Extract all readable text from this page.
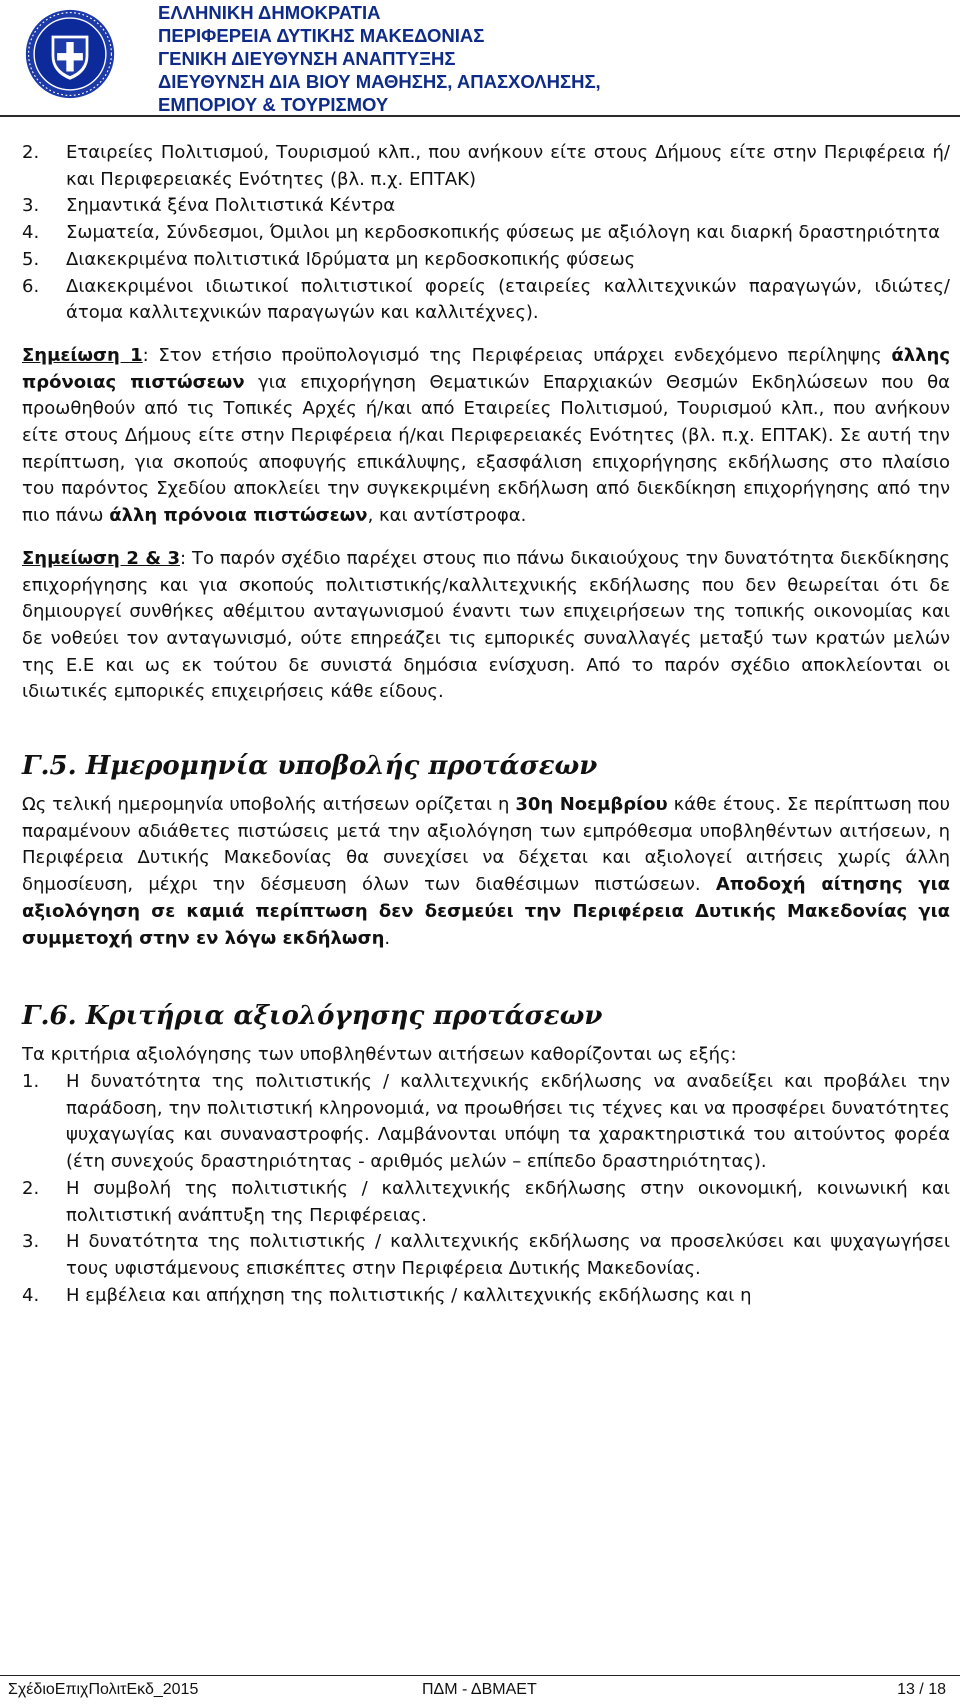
ΕΛΛΗΝΙΚΗ ΔΗΜΟΚΡΑΤΙΑ
ΠΕΡΙΦΕΡΕΙΑ ΔΥΤΙΚΗΣ ΜΑΚΕΔΟΝΙΑΣ
ΓΕΝΙΚΗ ΔΙΕΥΘΥΝΣΗ ΑΝΑΠΤΥΞΗΣ
ΔΙΕΥΘΥΝΣΗ ΔΙΑ ΒΙΟΥ ΜΑΘΗΣΗΣ, ΑΠΑΣΧΟΛΗΣΗΣ,
ΕΜΠΟΡΙΟΥ & ΤΟΥΡΙΣΜΟΥ
2. Εταιρείες Πολιτισμού, Τουρισμού κλπ., που ανήκουν είτε στους Δήμους είτε στην Περιφέρεια ή/και Περιφερειακές Ενότητες (βλ. π.χ. ΕΠΤΑΚ)
3. Σημαντικά ξένα Πολιτιστικά Κέντρα
4. Σωματεία, Σύνδεσμοι, Όμιλοι μη κερδοσκοπικής φύσεως με αξιόλογη και διαρκή δραστηριότητα
5. Διακεκριμένα πολιτιστικά Ιδρύματα μη κερδοσκοπικής φύσεως
6. Διακεκριμένοι ιδιωτικοί πολιτιστικοί φορείς (εταιρείες καλλιτεχνικών παραγωγών, ιδιώτες/άτομα καλλιτεχνικών παραγωγών και καλλιτέχνες).

Σημείωση 1: Στον ετήσιο προϋπολογισμό της Περιφέρειας υπάρχει ενδεχόμενο περίληψης άλλης πρόνοιας πιστώσεων για επιχορήγηση Θεματικών Επαρχιακών Θεσμών Εκδηλώσεων που θα προωθηθούν από τις Τοπικές Αρχές ή/και από Εταιρείες Πολιτισμού, Τουρισμού κλπ., που ανήκουν είτε στους Δήμους είτε στην Περιφέρεια ή/και Περιφερειακές Ενότητες (βλ. π.χ. ΕΠΤΑΚ). Σε αυτή την περίπτωση, για σκοπούς αποφυγής επικάλυψης, εξασφάλιση επιχορήγησης εκδήλωσης στο πλαίσιο του παρόντος Σχεδίου αποκλείει την συγκεκριμένη εκδήλωση από διεκδίκηση επιχορήγησης από την πιο πάνω άλλη πρόνοια πιστώσεων, και αντίστροφα.

Σημείωση 2 & 3: Το παρόν σχέδιο παρέχει στους πιο πάνω δικαιούχους την δυνατότητα διεκδίκησης επιχορήγησης και για σκοπούς πολιτιστικής/καλλιτεχνικής εκδήλωσης που δεν θεωρείται ότι δε δημιουργεί συνθήκες αθέμιτου ανταγωνισμού έναντι των επιχειρήσεων της τοπικής οικονομίας και δε νοθεύει τον ανταγωνισμό, ούτε επηρεάζει τις εμπορικές συναλλαγές μεταξύ των κρατών μελών της Ε.Ε και ως εκ τούτου δε συνιστά δημόσια ενίσχυση. Από το παρόν σχέδιο αποκλείονται οι ιδιωτικές εμπορικές επιχειρήσεις κάθε είδους.

Γ.5. Ημερομηνία υποβολής προτάσεων

Ως τελική ημερομηνία υποβολής αιτήσεων ορίζεται η 30η Νοεμβρίου κάθε έτους. Σε περίπτωση που παραμένουν αδιάθετες πιστώσεις μετά την αξιολόγηση των εμπρόθεσμα υποβληθέντων αιτήσεων, η Περιφέρεια Δυτικής Μακεδονίας θα συνεχίσει να δέχεται και αξιολογεί αιτήσεις χωρίς άλλη δημοσίευση, μέχρι την δέσμευση όλων των διαθέσιμων πιστώσεων. Αποδοχή αίτησης για αξιολόγηση σε καμιά περίπτωση δεν δεσμεύει την Περιφέρεια Δυτικής Μακεδονίας για συμμετοχή στην εν λόγω εκδήλωση.

Γ.6. Κριτήρια αξιολόγησης προτάσεων

Τα κριτήρια αξιολόγησης των υποβληθέντων αιτήσεων καθορίζονται ως εξής:

1. Η δυνατότητα της πολιτιστικής / καλλιτεχνικής εκδήλωσης να αναδείξει και προβάλει την παράδοση, την πολιτιστική κληρονομιά, να προωθήσει τις τέχνες και να προσφέρει δυνατότητες ψυχαγωγίας και συναναστροφής. Λαμβάνονται υπόψη τα χαρακτηριστικά του αιτούντος φορέα (έτη συνεχούς δραστηριότητας - αριθμός μελών – επίπεδο δραστηριότητας).
2. Η συμβολή της πολιτιστικής / καλλιτεχνικής εκδήλωσης στην οικονομική, κοινωνική και πολιτιστική ανάπτυξη της Περιφέρειας.
3. Η δυνατότητα της πολιτιστικής / καλλιτεχνικής εκδήλωσης να προσελκύσει και ψυχαγωγήσει τους υφιστάμενους επισκέπτες στην Περιφέρεια Δυτικής Μακεδονίας.
4. Η εμβέλεια και απήχηση της πολιτιστικής / καλλιτεχνικής εκδήλωσης και η
ΣχέδιοΕπιχΠολιτΕκδ_2015	ΠΔΜ - ΔΒΜΑΕΤ	13 / 18
